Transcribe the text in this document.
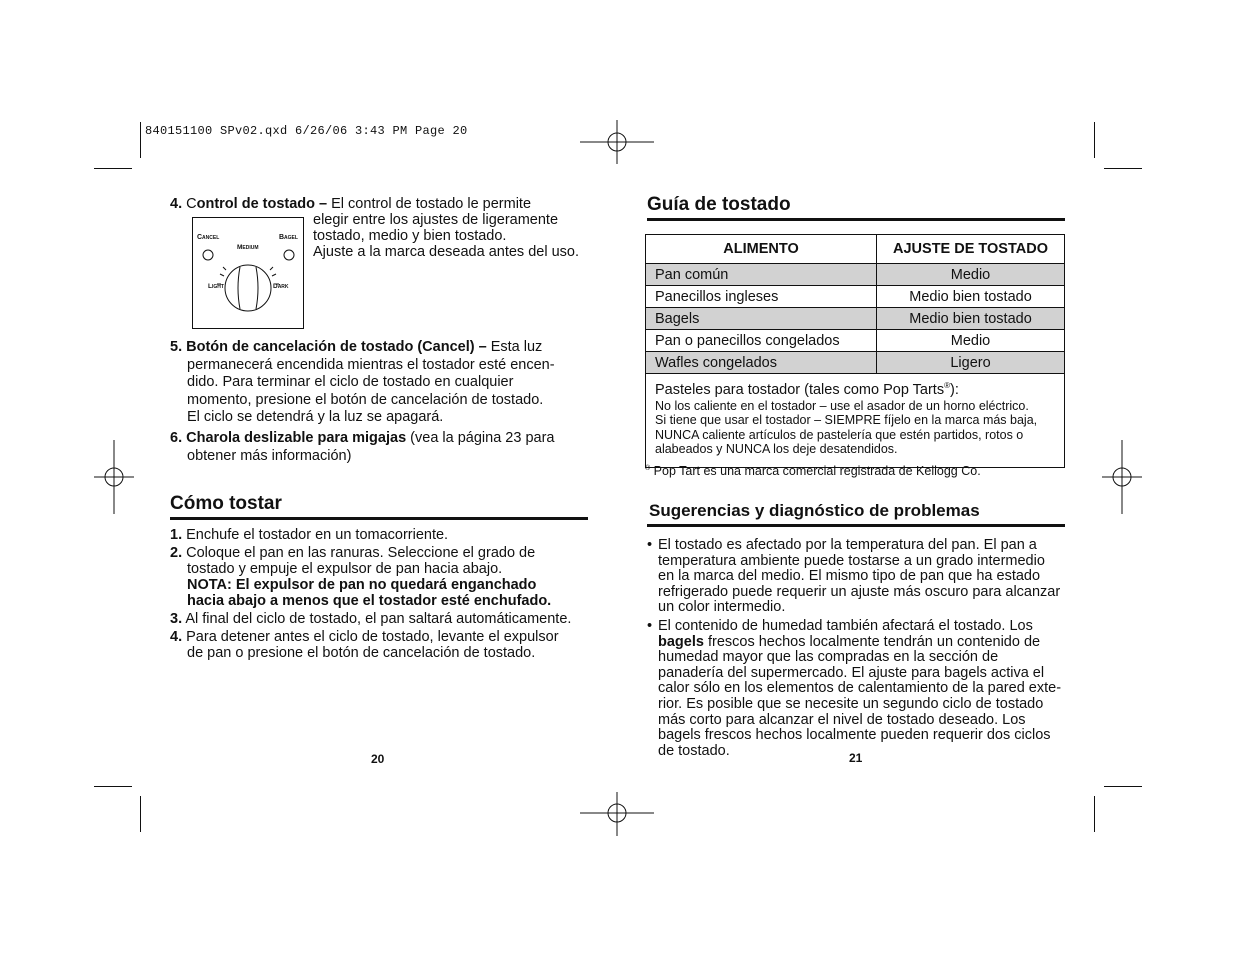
840151100 SPv02.qxd 6/26/06 3:43 PM Page 20
4. Control de tostado – El control de tostado le permite
elegir entre los ajustes de ligeramente
tostado, medio y bien tostado.
Ajuste a la marca deseada antes del uso.
Cancel	Bagel
Medium
Light	Dark
5. Botón de cancelación de tostado (Cancel) – Esta luz
permanecerá encendida mientras el tostador esté encen-
dido. Para terminar el ciclo de tostado en cualquier
momento, presione el botón de cancelación de tostado.
El ciclo se detendrá y la luz se apagará.
6. Charola deslizable para migajas (vea la página 23 para
obtener más información)
Cómo tostar
1. Enchufe el tostador en un tomacorriente.
2. Coloque el pan en las ranuras. Seleccione el grado de
tostado y empuje el expulsor de pan hacia abajo.
NOTA: El expulsor de pan no quedará enganchado
hacia abajo a menos que el tostador esté enchufado.
3. Al final del ciclo de tostado, el pan saltará automáticamente.
4. Para detener antes el ciclo de tostado, levante el expulsor
de pan o presione el botón de cancelación de tostado.
20
Guía de tostado
ALIMENTO	AJUSTE DE TOSTADO
Pan común	Medio
Panecillos ingleses	Medio bien tostado
Bagels	Medio bien tostado
Pan o panecillos congelados	Medio
Wafles congelados	Ligero

Pasteles para tostador (tales como Pop Tarts®):
No los caliente en el tostador – use el asador de un horno eléctrico.
Si tiene que usar el tostador – SIEMPRE fíjelo en la marca más baja,
NUNCA caliente artículos de pastelería que estén partidos, rotos o
alabeados y NUNCA los deje desatendidos.	
® Pop Tart es una marca comercial registrada de Kellogg Co.
Sugerencias y diagnóstico de problemas
• El tostado es afectado por la temperatura del pan. El pan a
temperatura ambiente puede tostarse a un grado intermedio
en la marca del medio. El mismo tipo de pan que ha estado
refrigerado puede requerir un ajuste más oscuro para alcanzar
un color intermedio.
• El contenido de humedad también afectará el tostado. Los
bagels frescos hechos localmente tendrán un contenido de
humedad mayor que las compradas en la sección de
panadería del supermercado. El ajuste para bagels activa el
calor sólo en los elementos de calentamiento de la pared exte-
rior. Es posible que se necesite un segundo ciclo de tostado
más corto para alcanzar el nivel de tostado deseado. Los
bagels frescos hechos localmente pueden requerir dos ciclos
de tostado.	21
